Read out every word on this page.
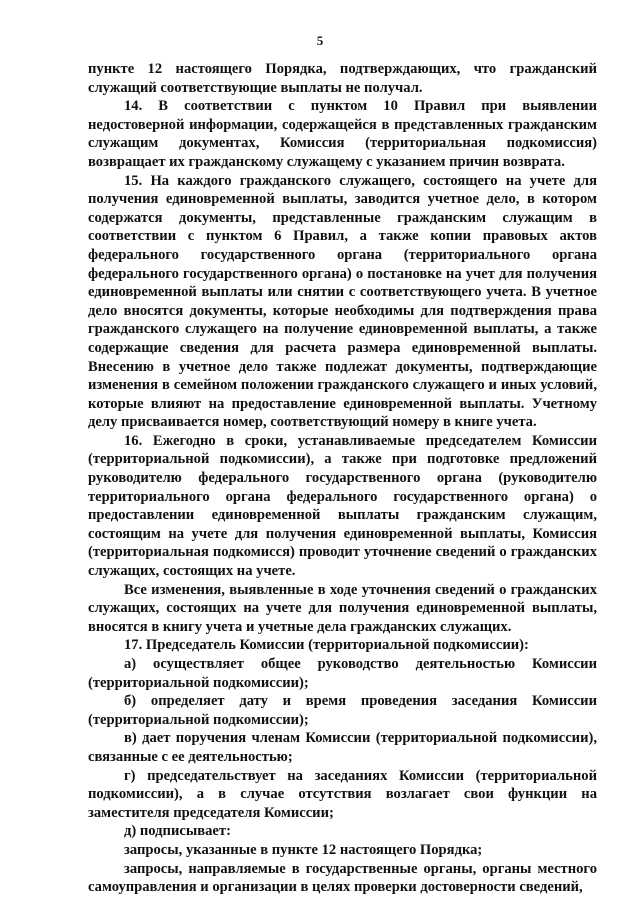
5

пункте 12 настоящего Порядка, подтверждающих, что гражданский служащий соответствующие выплаты не получал.

14. В соответствии с пунктом 10 Правил при выявлении недостоверной информации, содержащейся в представленных гражданским служащим документах, Комиссия (территориальная подкомиссия) возвращает их гражданскому служащему с указанием причин возврата.

15. На каждого гражданского служащего, состоящего на учете для получения единовременной выплаты, заводится учетное дело, в котором содержатся документы, представленные гражданским служащим в соответствии с пунктом 6 Правил, а также копии правовых актов федерального государственного органа (территориального органа федерального государственного органа) о постановке на учет для получения единовременной выплаты или снятии с соответствующего учета. В учетное дело вносятся документы, которые необходимы для подтверждения права гражданского служащего на получение единовременной выплаты, а также содержащие сведения для расчета размера единовременной выплаты. Внесению в учетное дело также подлежат документы, подтверждающие изменения в семейном положении гражданского служащего и иных условий, которые влияют на предоставление единовременной выплаты. Учетному делу присваивается номер, соответствующий номеру в книге учета.

16. Ежегодно в сроки, устанавливаемые председателем Комиссии (территориальной подкомиссии), а также при подготовке предложений руководителю федерального государственного органа (руководителю территориального органа федерального государственного органа) о предоставлении единовременной выплаты гражданским служащим, состоящим на учете для получения единовременной выплаты, Комиссия (территориальная подкомисся) проводит уточнение сведений о гражданских служащих, состоящих на учете.

Все изменения, выявленные в ходе уточнения сведений о гражданских служащих, состоящих на учете для получения единовременной выплаты, вносятся в книгу учета и учетные дела гражданских служащих.

17. Председатель Комиссии (территориальной подкомиссии):

а) осуществляет общее руководство деятельностью Комиссии (территориальной подкомиссии);

б) определяет дату и время проведения заседания Комиссии (территориальной подкомиссии);

в) дает поручения членам Комиссии (территориальной подкомиссии), связанные с ее деятельностью;

г) председательствует на заседаниях Комиссии (территориальной подкомиссии), а в случае отсутствия возлагает свои функции на заместителя председателя Комиссии;

д) подписывает:

запросы, указанные в пункте 12 настоящего Порядка;

запросы, направляемые в государственные органы, органы местного самоуправления и организации в целях проверки достоверности сведений,
